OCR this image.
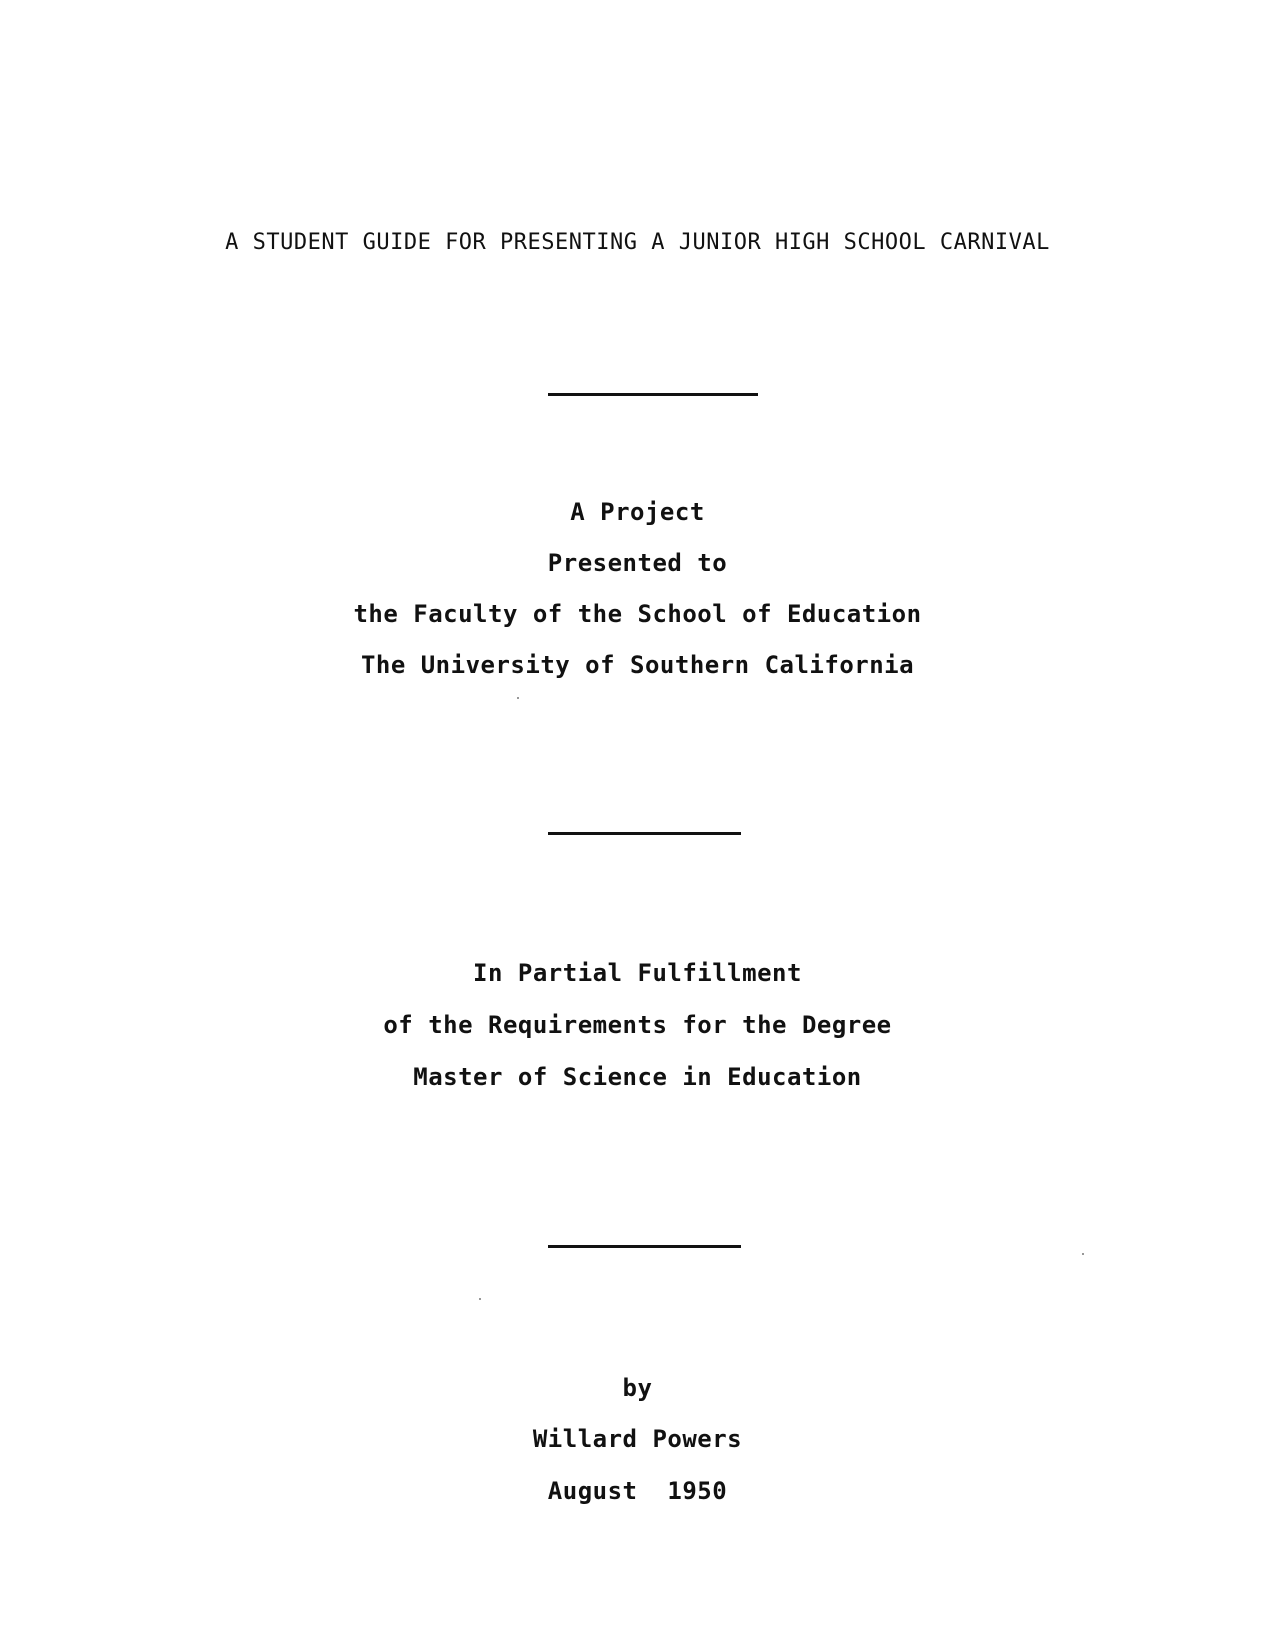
A STUDENT GUIDE FOR PRESENTING A JUNIOR HIGH SCHOOL CARNIVAL
A Project
Presented to
the Faculty of the School of Education
The University of Southern California
In Partial Fulfillment
of the Requirements for the Degree
Master of Science in Education
by
Willard Powers
August  1950
